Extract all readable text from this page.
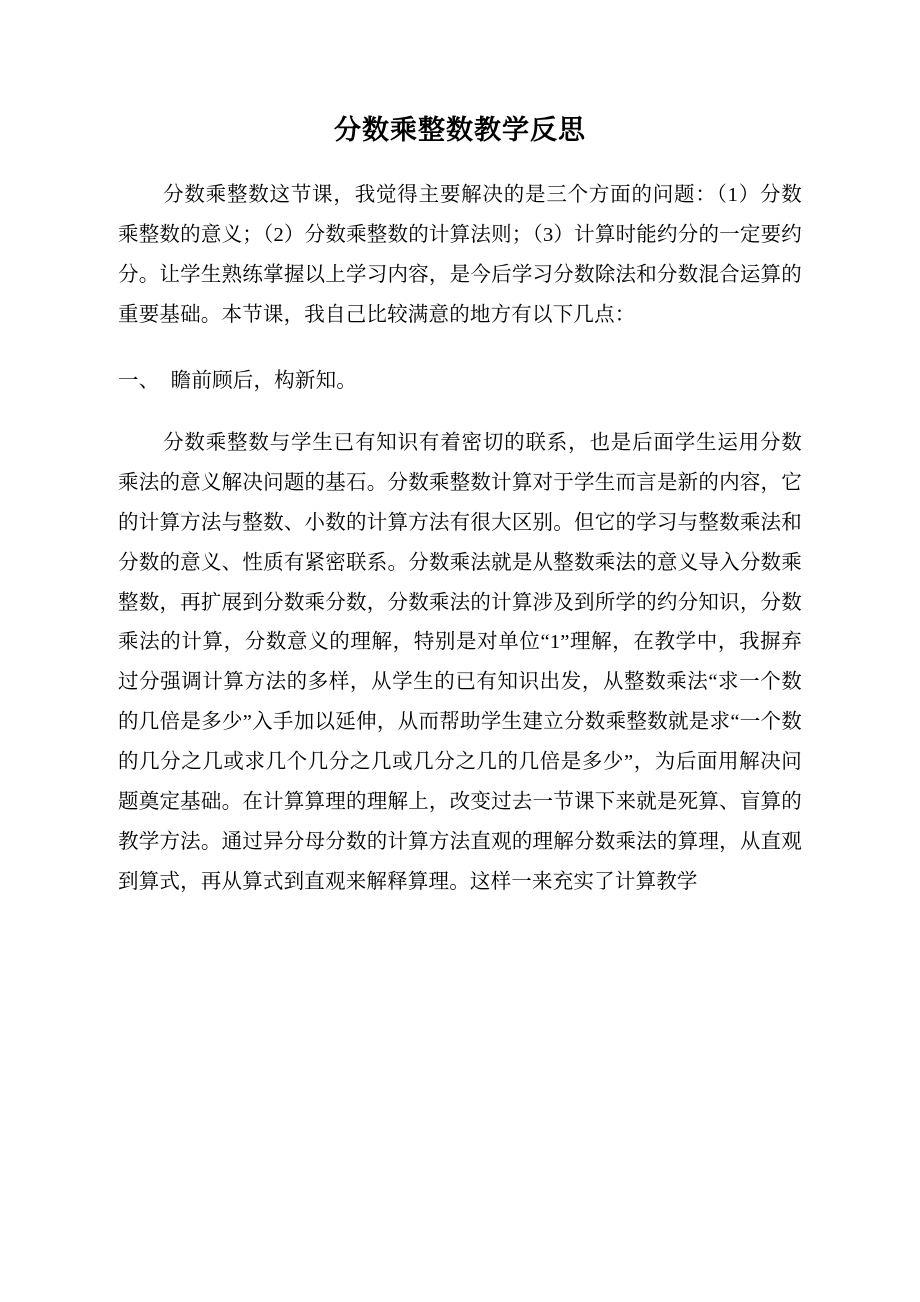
分数乘整数教学反思

分数乘整数这节课，我觉得主要解决的是三个方面的问题：（1）分数乘整数的意义；（2）分数乘整数的计算法则；（3）计算时能约分的一定要约分。让学生熟练掌握以上学习内容，是今后学习分数除法和分数混合运算的重要基础。本节课，我自己比较满意的地方有以下几点：

一、 瞻前顾后，构新知。

分数乘整数与学生已有知识有着密切的联系，也是后面学生运用分数乘法的意义解决问题的基石。分数乘整数计算对于学生而言是新的内容，它的计算方法与整数、小数的计算方法有很大区别。但它的学习与整数乘法和分数的意义、性质有紧密联系。分数乘法就是从整数乘法的意义导入分数乘整数，再扩展到分数乘分数，分数乘法的计算涉及到所学的约分知识，分数乘法的计算，分数意义的理解，特别是对单位“1”理解，在教学中，我摒弃过分强调计算方法的多样，从学生的已有知识出发，从整数乘法“求一个数的几倍是多少”入手加以延伸，从而帮助学生建立分数乘整数就是求“一个数的几分之几或求几个几分之几或几分之几的几倍是多少”，为后面用解决问题奠定基础。在计算算理的理解上，改变过去一节课下来就是死算、盲算的教学方法。通过异分母分数的计算方法直观的理解分数乘法的算理，从直观到算式，再从算式到直观来解释算理。这样一来充实了计算教学
